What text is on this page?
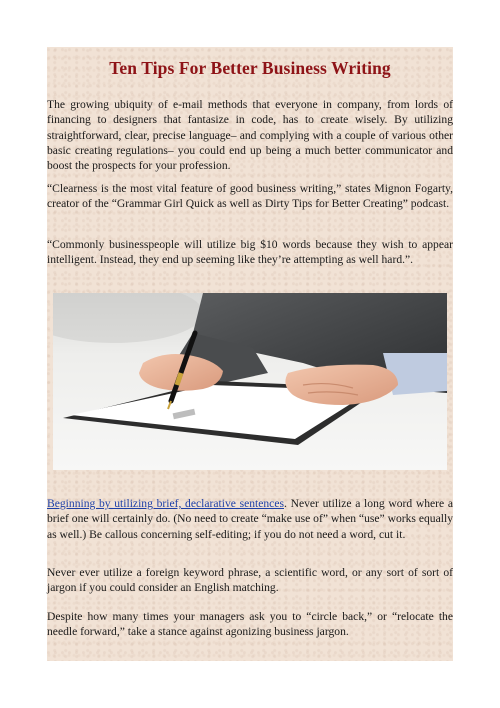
Ten Tips For Better Business Writing

The growing ubiquity of e-mail methods that everyone in company, from lords of financing to designers that fantasize in code, has to create wisely. By utilizing straightforward, clear, precise language– and complying with a couple of various other basic creating regulations– you could end up being a much better communicator and boost the prospects for your profession.

“Clearness is the most vital feature of good business writing,” states Mignon Fogarty, creator of the “Grammar Girl Quick as well as Dirty Tips for Better Creating” podcast.

“Commonly businesspeople will utilize big $10 words because they wish to appear intelligent. Instead, they end up seeming like they’re attempting as well hard.”.

Beginning by utilizing brief, declarative sentences. Never utilize a long word where a brief one will certainly do. (No need to create “make use of” when “use” works equally as well.) Be callous concerning self-editing; if you do not need a word, cut it.

Never ever utilize a foreign keyword phrase, a scientific word, or any sort of sort of jargon if you could consider an English matching.

Despite how many times your managers ask you to “circle back,” or “relocate the needle forward,” take a stance against agonizing business jargon.
